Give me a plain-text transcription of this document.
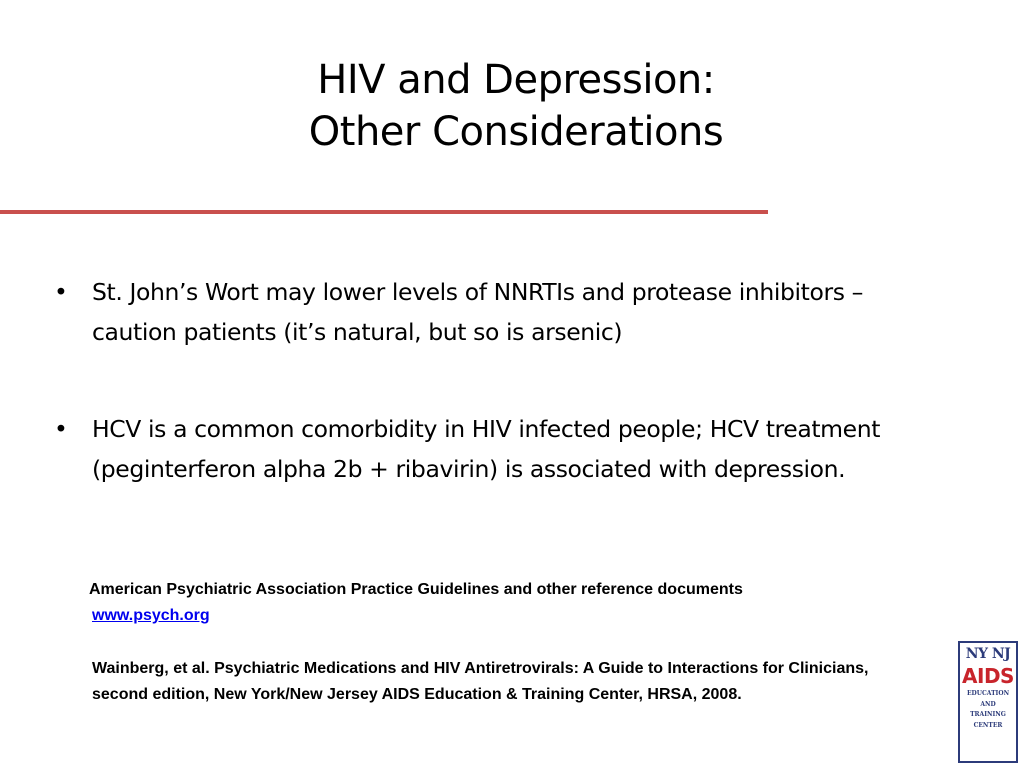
HIV and Depression:
Other Considerations
• St. John’s Wort may lower levels of NNRTIs and protease inhibitors – caution patients (it’s natural, but so is arsenic)
• HCV is a common comorbidity in HIV infected people; HCV treatment (peginterferon alpha 2b + ribavirin) is associated with depression.
American Psychiatric Association Practice Guidelines and other reference documents
www.psych.org
Wainberg, et al. Psychiatric Medications and HIV Antiretrovirals: A Guide to Interactions for Clinicians, second edition, New York/New Jersey AIDS Education & Training Center, HRSA, 2008.
NY NJ
AIDS
EDUCATION
AND
TRAINING
CENTER
